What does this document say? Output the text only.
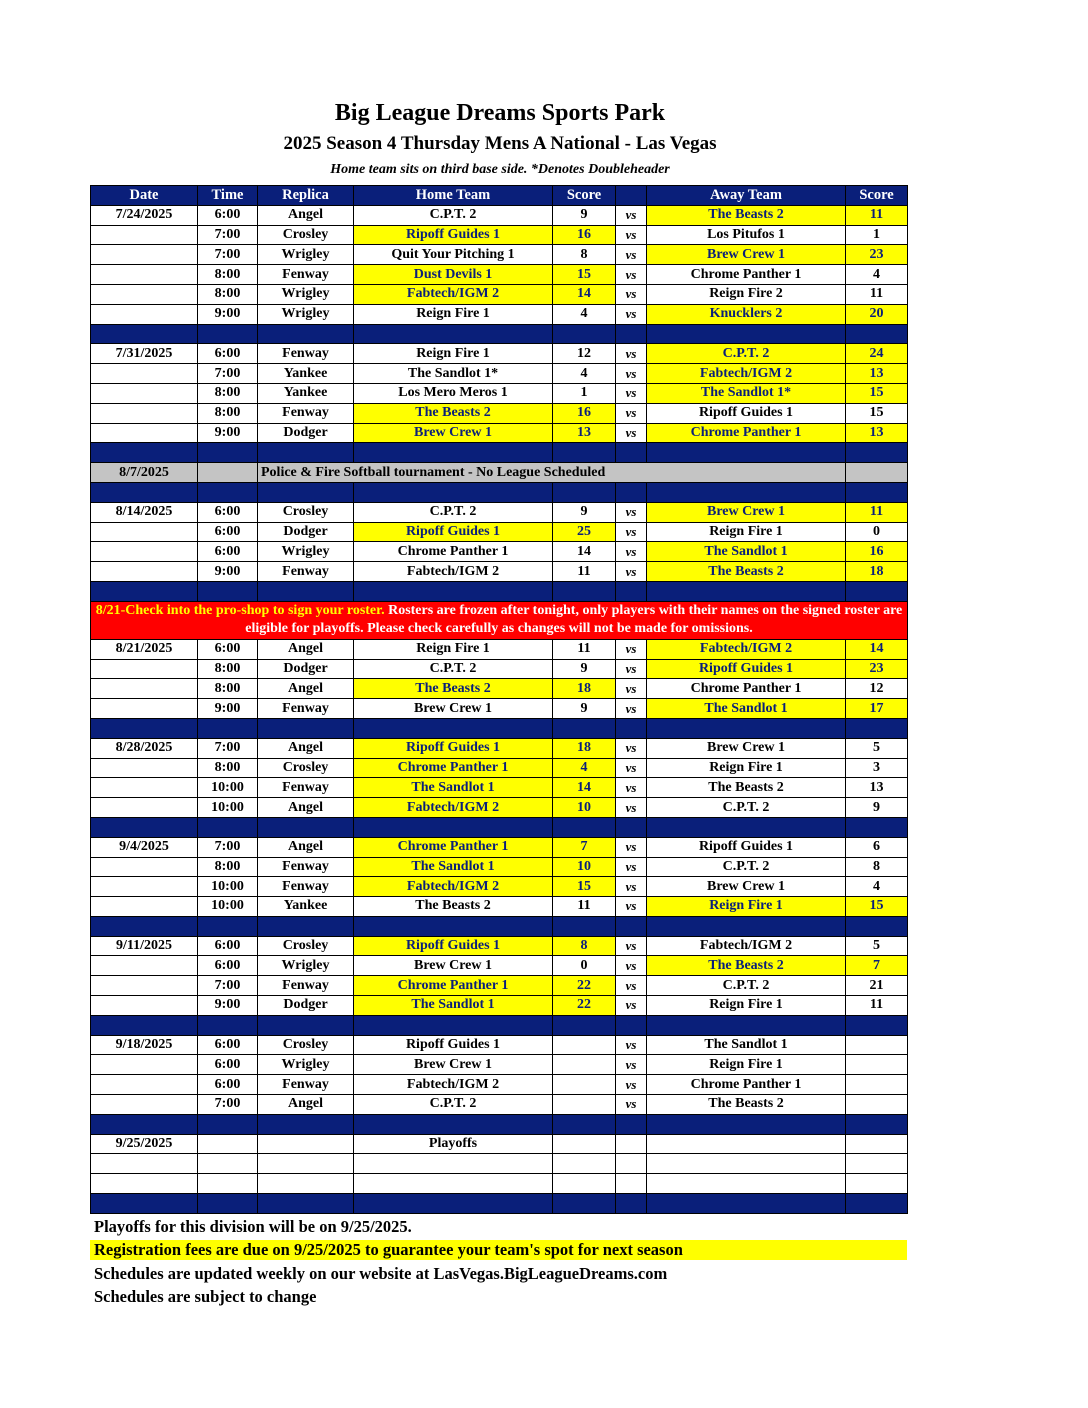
Big League Dreams Sports Park
2025 Season 4 Thursday Mens A National - Las Vegas
Home team sits on third base side. *Denotes Doubleheader
Date	Time	Replica	Home Team	Score		Away Team	Score
7/24/2025	6:00	Angel	C.P.T. 2	9	vs	The Beasts 2	11
	7:00	Crosley	Ripoff Guides 1	16	vs	Los Pitufos 1	1
	7:00	Wrigley	Quit Your Pitching 1	8	vs	Brew Crew 1	23
	8:00	Fenway	Dust Devils 1	15	vs	Chrome Panther 1	4
	8:00	Wrigley	Fabtech/IGM 2	14	vs	Reign Fire 2	11
	9:00	Wrigley	Reign Fire 1	4	vs	Knucklers 2	20

7/31/2025	6:00	Fenway	Reign Fire 1	12	vs	C.P.T. 2	24
	7:00	Yankee	The Sandlot 1*	4	vs	Fabtech/IGM 2	13
	8:00	Yankee	Los Mero Meros 1	1	vs	The Sandlot 1*	15
	8:00	Fenway	The Beasts 2	16	vs	Ripoff Guides 1	15
	9:00	Dodger	Brew Crew 1	13	vs	Chrome Panther 1	13

8/7/2025		Police & Fire Softball tournament - No League Scheduled					

8/14/2025	6:00	Crosley	C.P.T. 2	9	vs	Brew Crew 1	11
	6:00	Dodger	Ripoff Guides 1	25	vs	Reign Fire 1	0
	6:00	Wrigley	Chrome Panther 1	14	vs	The Sandlot 1	16
	9:00	Fenway	Fabtech/IGM 2	11	vs	The Beasts 2	18

8/21-Check into the pro-shop to sign your roster. Rosters are frozen after tonight, only players with their names on the signed roster are eligible for playoffs. Please check carefully as changes will not be made for omissions.							
8/21/2025	6:00	Angel	Reign Fire 1	11	vs	Fabtech/IGM 2	14
	8:00	Dodger	C.P.T. 2	9	vs	Ripoff Guides 1	23
	8:00	Angel	The Beasts 2	18	vs	Chrome Panther 1	12
	9:00	Fenway	Brew Crew 1	9	vs	The Sandlot 1	17

8/28/2025	7:00	Angel	Ripoff Guides 1	18	vs	Brew Crew 1	5
	8:00	Crosley	Chrome Panther 1	4	vs	Reign Fire 1	3
	10:00	Fenway	The Sandlot 1	14	vs	The Beasts 2	13
	10:00	Angel	Fabtech/IGM 2	10	vs	C.P.T. 2	9

9/4/2025	7:00	Angel	Chrome Panther 1	7	vs	Ripoff Guides 1	6
	8:00	Fenway	The Sandlot 1	10	vs	C.P.T. 2	8
	10:00	Fenway	Fabtech/IGM 2	15	vs	Brew Crew 1	4
	10:00	Yankee	The Beasts 2	11	vs	Reign Fire 1	15

9/11/2025	6:00	Crosley	Ripoff Guides 1	8	vs	Fabtech/IGM 2	5
	6:00	Wrigley	Brew Crew 1	0	vs	The Beasts 2	7
	7:00	Fenway	Chrome Panther 1	22	vs	C.P.T. 2	21
	9:00	Dodger	The Sandlot 1	22	vs	Reign Fire 1	11

9/18/2025	6:00	Crosley	Ripoff Guides 1		vs	The Sandlot 1	
	6:00	Wrigley	Brew Crew 1		vs	Reign Fire 1	
	6:00	Fenway	Fabtech/IGM 2		vs	Chrome Panther 1	
	7:00	Angel	C.P.T. 2		vs	The Beasts 2	

9/25/2025			Playoffs				

Playoffs for this division will be on 9/25/2025.
Registration fees are due on 9/25/2025 to guarantee your team's spot for next season
Schedules are updated weekly on our website at LasVegas.BigLeagueDreams.com
Schedules are subject to change
